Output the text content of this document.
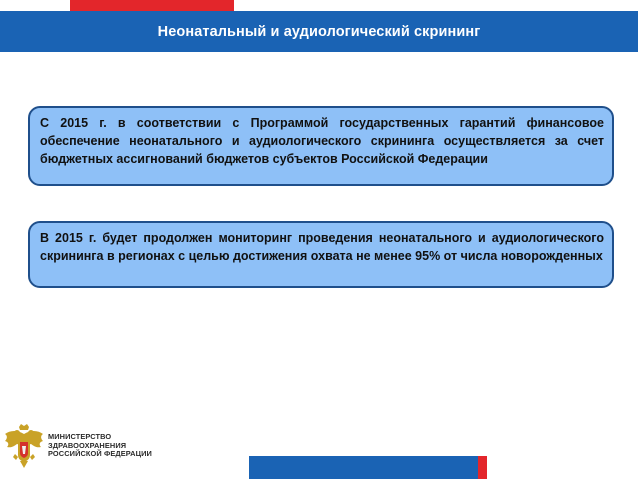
Неонатальный и аудиологический скрининг
С 2015 г. в соответствии с Программой государственных гарантий финансовое обеспечение неонатального и аудиологического скрининга осуществляется за счет бюджетных ассигнований бюджетов субъектов Российской Федерации
В 2015 г. будет продолжен мониторинг проведения неонатального и аудиологического скрининга в регионах с целью достижения охвата не менее 95% от числа новорожденных
МИНИСТЕРСТВО
ЗДРАВООХРАНЕНИЯ
РОССИЙСКОЙ ФЕДЕРАЦИИ
